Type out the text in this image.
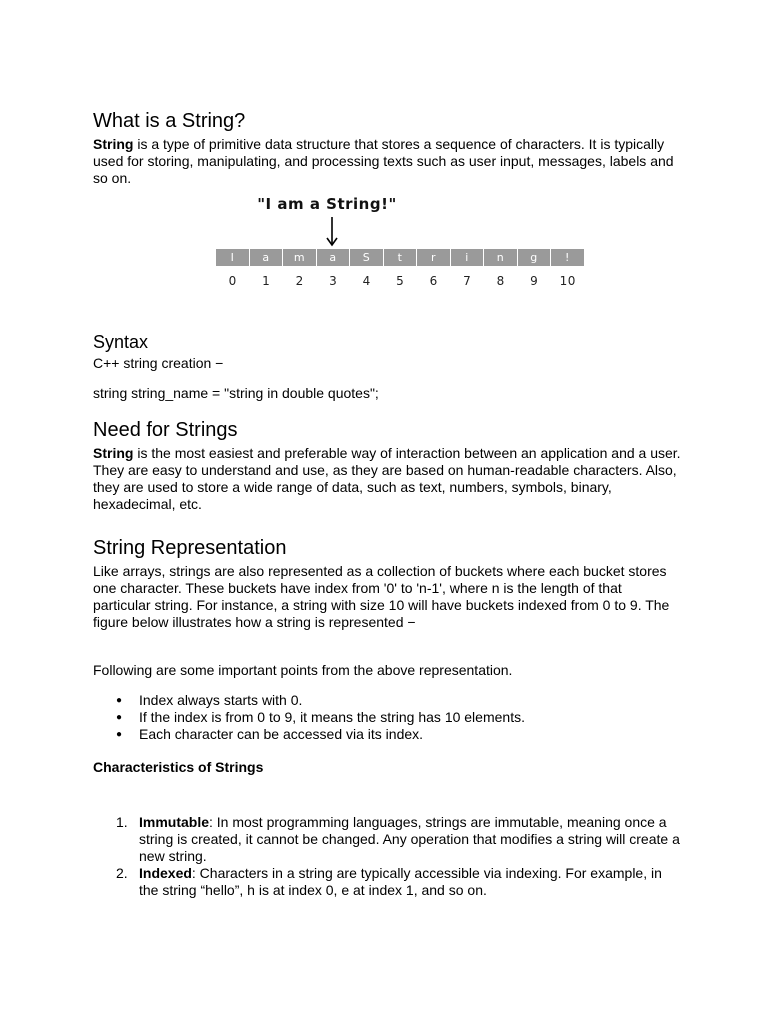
What is a String?

String is a type of primitive data structure that stores a sequence of characters. It is typically used for storing, manipulating, and processing texts such as user input, messages, labels and so on.

"I am a String!"
I	a	m	a	S	t	r	i	n	g	!
0	1	2	3	4	5	6	7	8	9	10
Syntax

C++ string creation −

string string_name = "string in double quotes";

Need for Strings

String is the most easiest and preferable way of interaction between an application and a user. They are easy to understand and use, as they are based on human-readable characters. Also, they are used to store a wide range of data, such as text, numbers, symbols, binary, hexadecimal, etc.

String Representation

Like arrays, strings are also represented as a collection of buckets where each bucket stores one character. These buckets have index from '0' to 'n-1', where n is the length of that particular string. For instance, a string with size 10 will have buckets indexed from 0 to 9. The figure below illustrates how a string is represented −

Following are some important points from the above representation.

● Index always starts with 0.
● If the index is from 0 to 9, it means the string has 10 elements.
● Each character can be accessed via its index.

Characteristics of Strings

1. Immutable: In most programming languages, strings are immutable, meaning once a string is created, it cannot be changed. Any operation that modifies a string will create a new string.
2. Indexed: Characters in a string are typically accessible via indexing. For example, in the string “hello”, h is at index 0, e at index 1, and so on.
